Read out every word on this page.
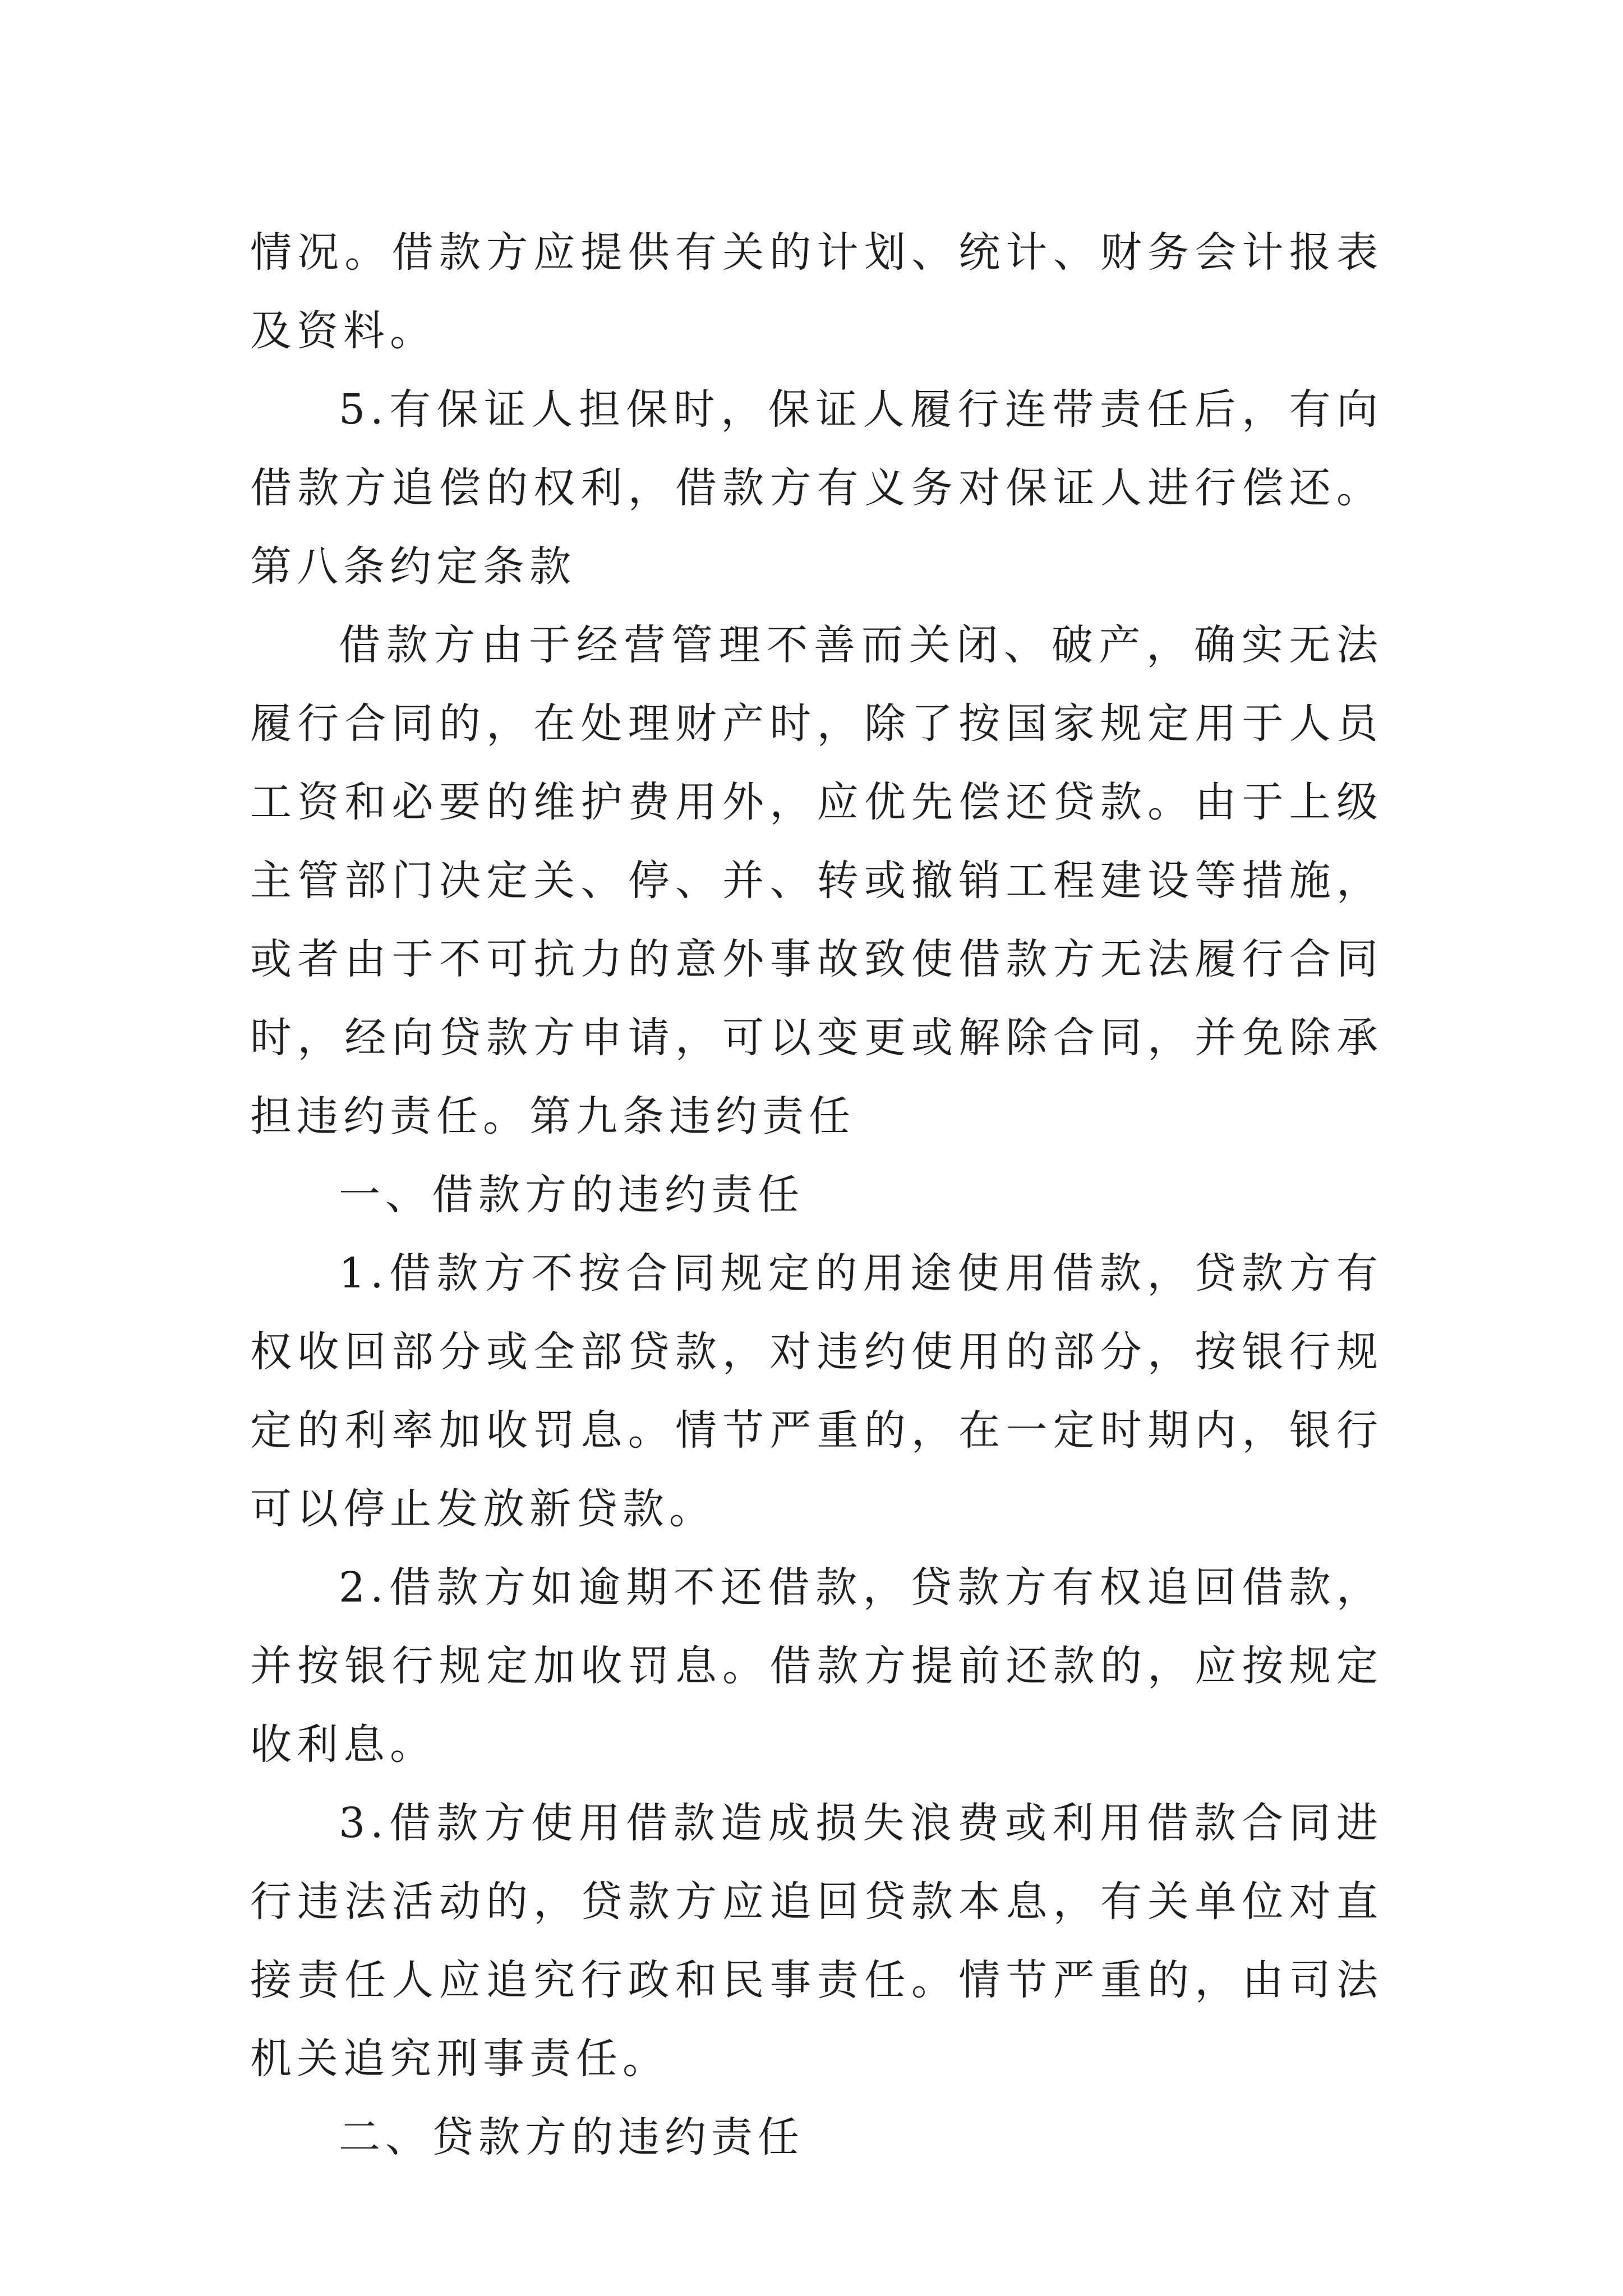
情况。借款方应提供有关的计划、统计、财务会计报表及资料。

5.有保证人担保时，保证人履行连带责任后，有向借款方追偿的权利，借款方有义务对保证人进行偿还。第八条约定条款

借款方由于经营管理不善而关闭、破产，确实无法履行合同的，在处理财产时，除了按国家规定用于人员工资和必要的维护费用外，应优先偿还贷款。由于上级主管部门决定关、停、并、转或撤销工程建设等措施，或者由于不可抗力的意外事故致使借款方无法履行合同时，经向贷款方申请，可以变更或解除合同，并免除承担违约责任。第九条违约责任

一、借款方的违约责任

1.借款方不按合同规定的用途使用借款，贷款方有权收回部分或全部贷款，对违约使用的部分，按银行规定的利率加收罚息。情节严重的，在一定时期内，银行可以停止发放新贷款。

2.借款方如逾期不还借款，贷款方有权追回借款，并按银行规定加收罚息。借款方提前还款的，应按规定 收利息。

3.借款方使用借款造成损失浪费或利用借款合同进行违法活动的，贷款方应追回贷款本息，有关单位对直接责任人应追究行政和民事责任。情节严重的，由司法机关追究刑事责任。

二、贷款方的违约责任
